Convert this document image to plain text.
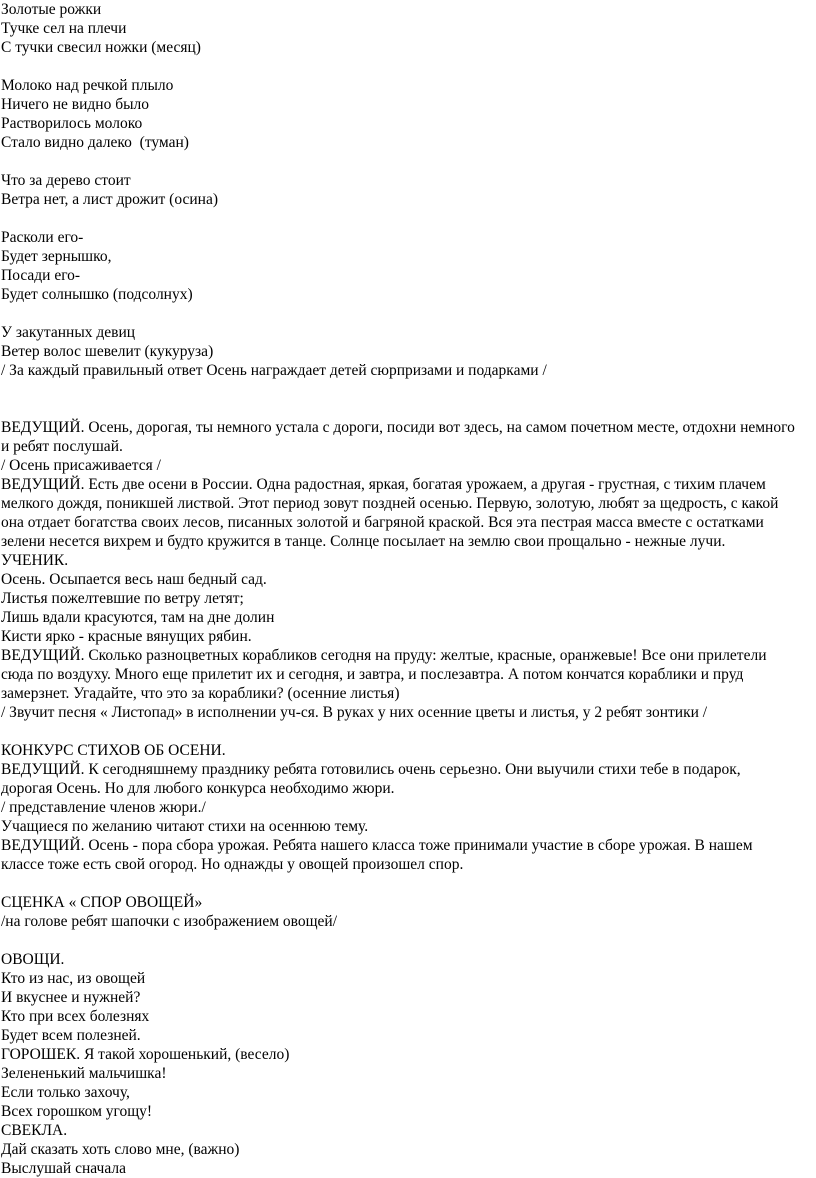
Золотые рожки
Тучке сел на плечи
С тучки свесил ножки (месяц)
Молоко над речкой плыло
Ничего не видно было
Растворилось молоко
Стало видно далеко  (туман)
Что за дерево стоит
Ветра нет, а лист дрожит (осина)
Расколи его-
Будет зернышко,
Посади его-
Будет солнышко (подсолнух)
У закутанных девиц
Ветер волос шевелит (кукуруза)
/ За каждый правильный ответ Осень награждает детей сюрпризами и подарками /
ВЕДУЩИЙ. Осень, дорогая, ты немного устала с дороги, посиди вот здесь, на самом почетном месте, отдохни немного и ребят послушай.
/ Осень присаживается /
ВЕДУЩИЙ. Есть две осени в России. Одна радостная, яркая, богатая урожаем, а другая - грустная, с тихим плачем мелкого дождя, поникшей листвой. Этот период зовут поздней осенью. Первую, золотую, любят за щедрость, с какой она отдает богатства своих лесов, писанных золотой и багряной краской. Вся эта пестрая масса вместе с остатками зелени несется вихрем и будто кружится в танце. Солнце посылает на землю свои прощально - нежные лучи.
УЧЕНИК.
Осень. Осыпается весь наш бедный сад.
Листья пожелтевшие по ветру летят;
Лишь вдали красуются, там на дне долин
Кисти ярко - красные вянущих рябин.
ВЕДУЩИЙ. Сколько разноцветных корабликов сегодня на пруду: желтые, красные, оранжевые! Все они прилетели сюда по воздуху. Много еще прилетит их и сегодня, и завтра, и послезавтра. А потом кончатся кораблики и пруд замерзнет. Угадайте, что это за кораблики? (осенние листья)
/ Звучит песня « Листопад» в исполнении уч-ся. В руках у них осенние цветы и листья, у 2 ребят зонтики /
КОНКУРС СТИХОВ ОБ ОСЕНИ.
ВЕДУЩИЙ. К сегодняшнему празднику ребята готовились очень серьезно. Они выучили стихи тебе в подарок, дорогая Осень. Но для любого конкурса необходимо жюри.
/ представление членов жюри./
Учащиеся по желанию читают стихи на осеннюю тему.
ВЕДУЩИЙ. Осень - пора сбора урожая. Ребята нашего класса тоже принимали участие в сборе урожая. В нашем классе тоже есть свой огород. Но однажды у овощей произошел спор.
СЦЕНКА « СПОР ОВОЩЕЙ»
/на голове ребят шапочки с изображением овощей/
ОВОЩИ.
Кто из нас, из овощей
И вкуснее и нужней?
Кто при всех болезнях
Будет всем полезней.
ГОРОШЕК. Я такой хорошенький, (весело)
Зелененький мальчишка!
Если только захочу,
Всех горошком угощу!
СВЕКЛА.
Дай сказать хоть слово мне, (важно)
Выслушай сначала
